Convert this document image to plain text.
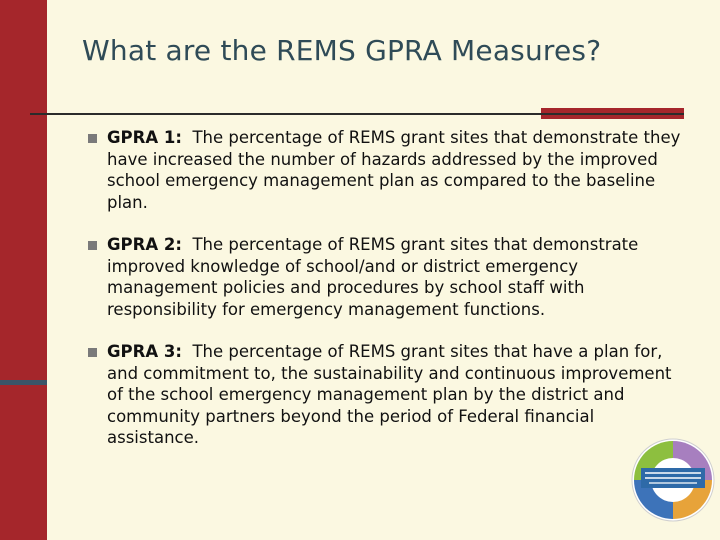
What are the REMS GPRA Measures?
GPRA 1: The percentage of REMS grant sites that demonstrate they have increased the number of hazards addressed by the improved school emergency management plan as compared to the baseline plan.
GPRA 2: The percentage of REMS grant sites that demonstrate improved knowledge of school/and or district emergency management policies and procedures by school staff with responsibility for emergency management functions.
GPRA 3: The percentage of REMS grant sites that have a plan for, and commitment to, the sustainability and continuous improvement of the school emergency management plan by the district and community partners beyond the period of Federal financial assistance.
